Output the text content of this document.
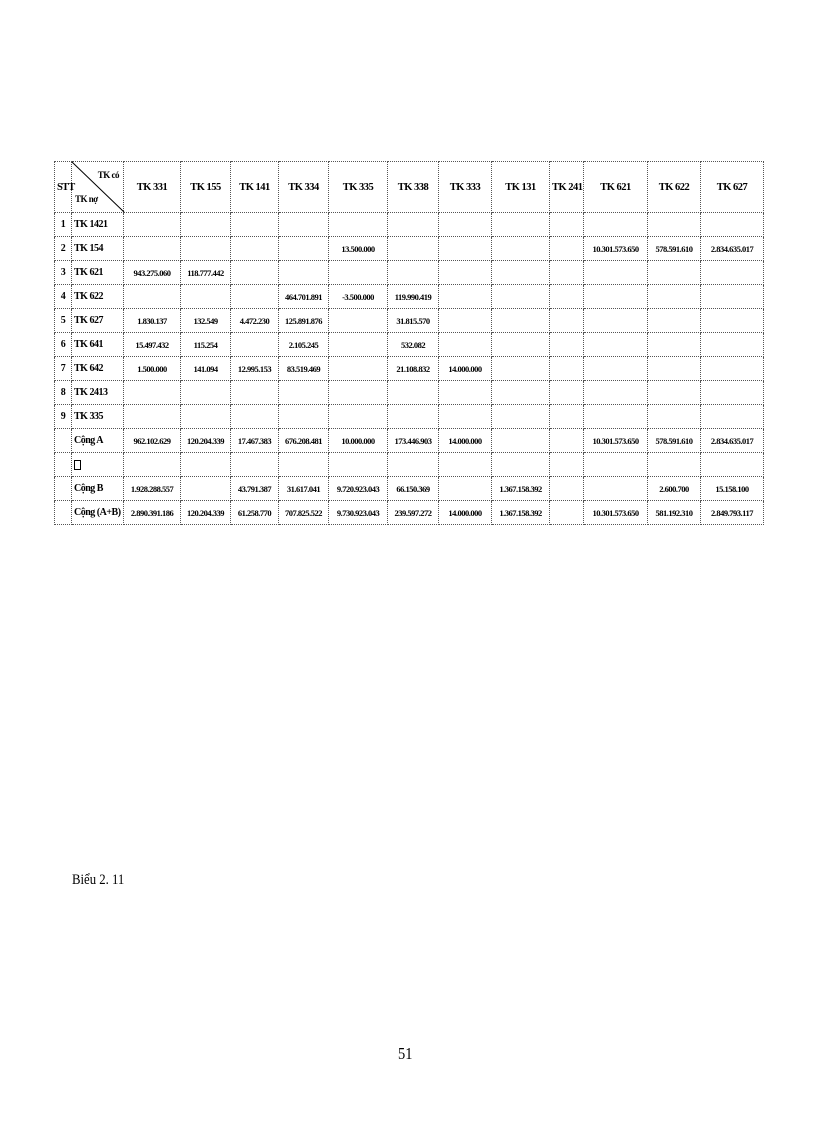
STT	TK có
TK nợ	TK 331	TK 155	TK 141	TK 334	TK 335	TK 338	TK 333	TK 131	TK 241	TK 621	TK 622	TK 627
1	TK 1421												
2	TK 154					13.500.000					10.301.573.650	578.591.610	2.834.635.017
3	TK 621	943.275.060	118.777.442										
4	TK 622				464.701.891	-3.500.000	119.990.419						
5	TK 627	1.830.137	132.549	4.472.230	125.891.876		31.815.570						
6	TK 641	15.497.432	115.254		2.105.245		532.082						
7	TK 642	1.500.000	141.094	12.995.153	83.519.469		21.108.832	14.000.000					
8	TK 2413												
9	TK 335												
	Cộng A	962.102.629	120.204.339	17.467.383	676.208.481	10.000.000	173.446.903	14.000.000			10.301.573.650	578.591.610	2.834.635.017

	Cộng B	1.928.288.557		43.791.387	31.617.041	9.720.923.043	66.150.369		1.367.158.392			2.600.700	15.158.100
	Cộng (A+B)	2.890.391.186	120.204.339	61.258.770	707.825.522	9.730.923.043	239.597.272	14.000.000	1.367.158.392		10.301.573.650	581.192.310	2.849.793.117
Biểu 2. 11
51
